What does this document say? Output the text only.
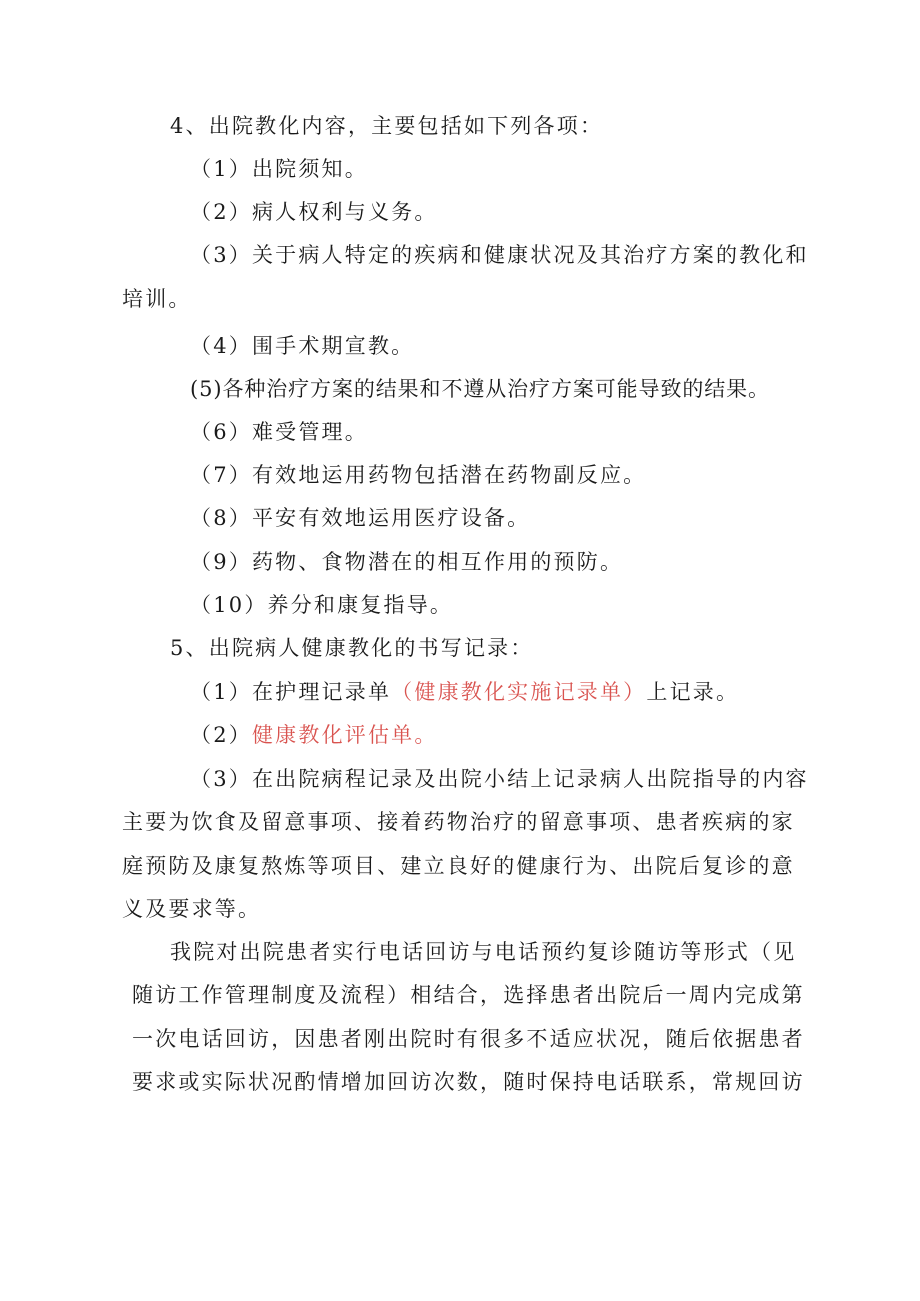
4、出院教化内容，主要包括如下列各项：
（1）出院须知。
（2）病人权利与义务。
（3）关于病人特定的疾病和健康状况及其治疗方案的教化和
培训。
（4）围手术期宣教。
(5)各种治疗方案的结果和不遵从治疗方案可能导致的结果。
（6）难受管理。
（7）有效地运用药物包括潜在药物副反应。
（8）平安有效地运用医疗设备。
（9）药物、食物潜在的相互作用的预防。
（10）养分和康复指导。
5、出院病人健康教化的书写记录：
（1）在护理记录单（健康教化实施记录单）上记录。
（2）健康教化评估单。
（3）在出院病程记录及出院小结上记录病人出院指导的内容
主要为饮食及留意事项、接着药物治疗的留意事项、患者疾病的家
庭预防及康复熬炼等项目、建立良好的健康行为、出院后复诊的意
义及要求等。
我院对出院患者实行电话回访与电话预约复诊随访等形式（见
随访工作管理制度及流程）相结合，选择患者出院后一周内完成第
一次电话回访，因患者刚出院时有很多不适应状况，随后依据患者
要求或实际状况酌情增加回访次数，随时保持电话联系，常规回访
